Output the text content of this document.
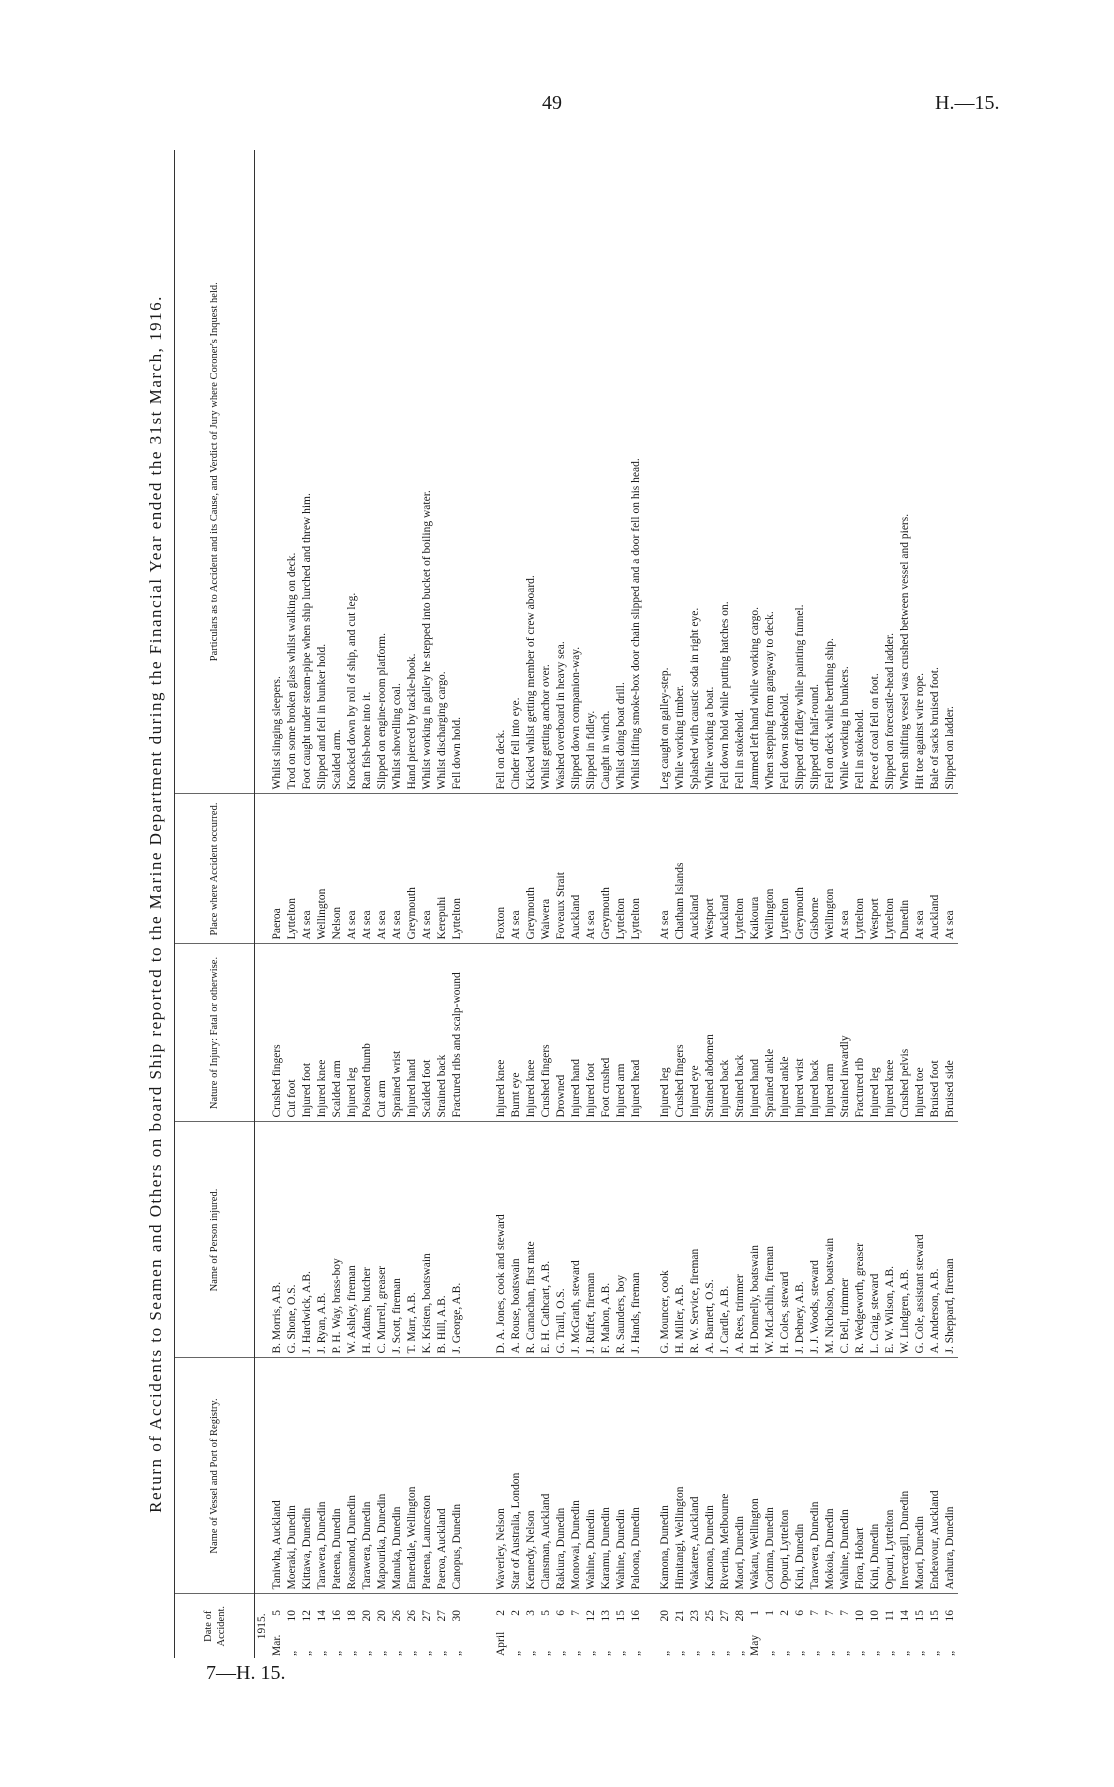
49	H.—15.
7—H. 15.
Return of Accidents to Seamen and Others on board Ship reported to the Marine Department during the Financial Year ended the 31st March, 1916.
Date of Accident.	Name of Vessel and Port of Registry.	Name of Person injured.	Nature of Injury: Fatal or otherwise.	Place where Accident occurred.	Particulars as to Accident and its Cause, and Verdict of Jury where Coroner's Inquest held.

1915.					

Mar.5	Taniwha, Auckland	B. Morris, A.B.	Crushed fingers	Paeroa	Whilst slinging sleepers.
„10	Moeraki, Dunedin	G. Shone, O.S.	Cut foot	Lyttelton	Trod on some broken glass whilst walking on deck.
„12	Kittawa, Dunedin	J. Hardwick, A.B.	Injured foot	At sea	Foot caught under steam-pipe when ship lurched and threw him.
„14	Tarawera, Dunedin	J. Ryan, A.B.	Injured knee	Wellington	Slipped and fell in bunker hold.
„16	Pateena, Dunedin	P. H. Way, brass-boy	Scalded arm	Nelson	Scalded arm.
„18	Rosamond, Dunedin	W. Ashley, fireman	Injured leg	At sea	Knocked down by roll of ship, and cut leg.
„20	Tarawera, Dunedin	H. Adams, butcher	Poisoned thumb	At sea	Ran fish-bone into it.
„20	Mapourika, Dunedin	C. Murrell, greaser	Cut arm	At sea	Slipped on engine-room platform.
„26	Manuka, Dunedin	J. Scott, fireman	Sprained wrist	At sea	Whilst shovelling coal.
„26	Ennerdale, Wellington	T. Marr, A.B.	Injured hand	Greymouth	Hand pierced by tackle-hook.
„27	Pateena, Launceston	K. Kristen, boatswain	Scalded foot	At sea	Whilst working in galley he stepped into bucket of boiling water.
„27	Paeroa, Auckland	B. Hill, A.B.	Strained back	Kerepuhi	Whilst discharging cargo.
„30	Canopus, Dunedin	J. George, A.B.	Fractured ribs and scalp-wound	Lyttelton	Fell down hold.

April2	Waverley, Nelson	D. A. Jones, cook and steward	Injured knee	Foxton	Fell on deck.
„2	Star of Australia, London	A. Rouse, boatswain	Burnt eye	At sea	Cinder fell into eye.
„3	Kennedy, Nelson	R. Carnachan, first mate	Injured knee	Greymouth	Kicked whilst getting member of crew aboard.
„5	Clansman, Auckland	E. H. Cathcart, A.B.	Crushed fingers	Waiwera	Whilst getting anchor over.
„6	Rakiura, Dunedin	G. Traill, O.S.	Drowned	Foveaux Strait	Washed overboard in heavy sea.
„7	Monowai, Dunedin	J. McGrath, steward	Injured hand	Auckland	Slipped down companion-way.
„12	Wahine, Dunedin	J. Ruffet, fireman	Injured foot	At sea	Slipped in fidley.
„13	Karamu, Dunedin	F. Mahon, A.B.	Foot crushed	Greymouth	Caught in winch.
„15	Wahine, Dunedin	R. Saunders, boy	Injured arm	Lyttelton	Whilst doing boat drill.
„16	Paloona, Dunedin	J. Hands, fireman	Injured head	Lyttelton	Whilst lifting smoke-box door chain slipped and a door fell on his head.

„20	Kamona, Dunedin	G. Mouncer, cook	Injured leg	At sea	Leg caught on galley-step.
„21	Himitangi, Wellington	H. Miller, A.B.	Crushed fingers	Chatham Islands	While working timber.
„23	Wakatere, Auckland	R. W. Service, fireman	Injured eye	Auckland	Splashed with caustic soda in right eye.
„25	Kamona, Dunedin	A. Barnett, O.S.	Strained abdomen	Westport	While working a boat.
„27	Riverina, Melbourne	J. Cardle, A.B.	Injured back	Auckland	Fell down hold while putting hatches on.
„28	Maori, Dunedin	A. Rees, trimmer	Strained back	Lyttelton	Fell in stokehold.
May1	Wakatu, Wellington	H. Donnelly, boatswain	Injured hand	Kaikoura	Jammed left hand while working cargo.
„1	Corinna, Dunedin	W. McLachlin, fireman	Sprained ankle	Wellington	When stepping from gangway to deck.
„2	Opouri, Lyttelton	H. Coles, steward	Injured ankle	Lyttelton	Fell down stokehold.
„6	Kini, Dunedin	J. Debney, A.B.	Injured wrist	Greymouth	Slipped off fidley while painting funnel.
„7	Tarawera, Dunedin	J. J. Woods, steward	Injured back	Gisborne	Slipped off half-round.
„7	Mokoia, Dunedin	M. Nicholson, boatswain	Injured arm	Wellington	Fell on deck while berthing ship.
„7	Wahine, Dunedin	C. Bell, trimmer	Strained inwardly	At sea	While working in bunkers.
„10	Flora, Hobart	R. Wedgeworth, greaser	Fractured rib	Lyttelton	Fell in stokehold.
„10	Kini, Dunedin	L. Craig, steward	Injured leg	Westport	Piece of coal fell on foot.
„11	Opouri, Lyttelton	E. W. Wilson, A.B.	Injured knee	Lyttelton	Slipped on forecastle-head ladder.
„14	Invercargill, Dunedin	W. Lindgren, A.B.	Crushed pelvis	Dunedin	When shifting vessel was crushed between vessel and piers.
„15	Maori, Dunedin	G. Cole, assistant steward	Injured toe	At sea	Hit toe against wire rope.
„15	Endeavour, Auckland	A. Anderson, A.B.	Bruised foot	Auckland	Bale of sacks bruised foot.
„16	Arahura, Dunedin	J. Sheppard, fireman	Bruised side	At sea	Slipped on ladder.
